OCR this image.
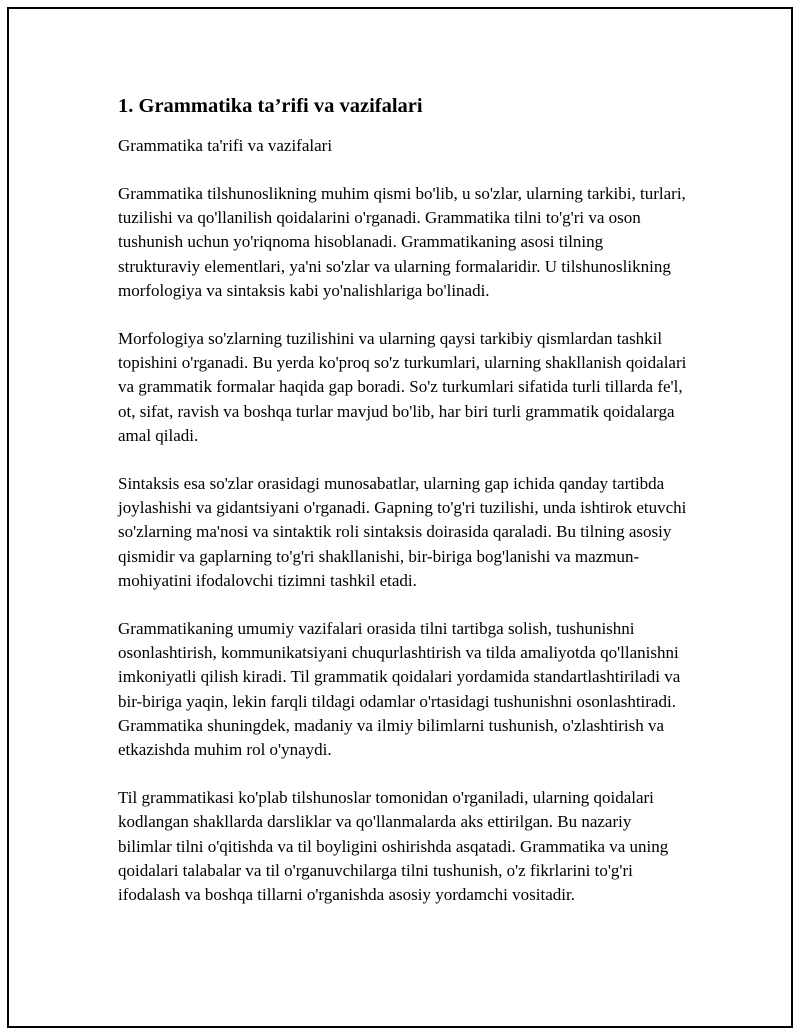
1. Grammatika ta’rifi va vazifalari

Grammatika ta'rifi va vazifalari

Grammatika tilshunoslikning muhim qismi bo'lib, u so'zlar, ularning tarkibi, turlari, tuzilishi va qo'llanilish qoidalarini o'rganadi. Grammatika tilni to'g'ri va oson tushunish uchun yo'riqnoma hisoblanadi. Grammatikaning asosi tilning strukturaviy elementlari, ya'ni so'zlar va ularning formalaridir. U tilshunoslikning morfologiya va sintaksis kabi yo'nalishlariga bo'linadi.

Morfologiya so'zlarning tuzilishini va ularning qaysi tarkibiy qismlardan tashkil topishini o'rganadi. Bu yerda ko'proq so'z turkumlari, ularning shakllanish qoidalari va grammatik formalar haqida gap boradi. So'z turkumlari sifatida turli tillarda fe'l, ot, sifat, ravish va boshqa turlar mavjud bo'lib, har biri turli grammatik qoidalarga amal qiladi.

Sintaksis esa so'zlar orasidagi munosabatlar, ularning gap ichida qanday tartibda joylashishi va gidantsiyani o'rganadi. Gapning to'g'ri tuzilishi, unda ishtirok etuvchi so'zlarning ma'nosi va sintaktik roli sintaksis doirasida qaraladi. Bu tilning asosiy qismidir va gaplarning to'g'ri shakllanishi, bir-biriga bog'lanishi va mazmun-mohiyatini ifodalovchi tizimni tashkil etadi.

Grammatikaning umumiy vazifalari orasida tilni tartibga solish, tushunishni osonlashtirish, kommunikatsiyani chuqurlashtirish va tilda amaliyotda qo'llanishni imkoniyatli qilish kiradi. Til grammatik qoidalari yordamida standartlashtiriladi va bir-biriga yaqin, lekin farqli tildagi odamlar o'rtasidagi tushunishni osonlashtiradi. Grammatika shuningdek, madaniy va ilmiy bilimlarni tushunish, o'zlashtirish va etkazishda muhim rol o'ynaydi.

Til grammatikasi ko'plab tilshunoslar tomonidan o'rganiladi, ularning qoidalari kodlangan shakllarda darsliklar va qo'llanmalarda aks ettirilgan. Bu nazariy bilimlar tilni o'qitishda va til boyligini oshirishda asqatadi. Grammatika va uning qoidalari talabalar va til o'rganuvchilarga tilni tushunish, o'z fikrlarini to'g'ri ifodalash va boshqa tillarni o'rganishda asosiy yordamchi vositadir.
